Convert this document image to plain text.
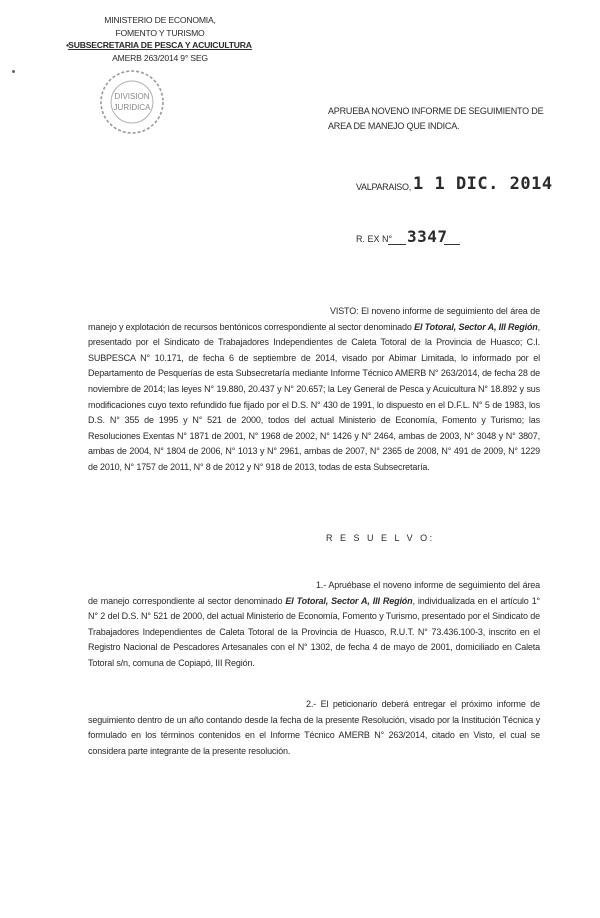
MINISTERIO DE ECONOMIA,
FOMENTO Y TURISMO
• SUBSECRETARIA DE PESCA Y ACUICULTURA
AMERB 263/2014 9° SEG
DIVISION
JURIDICA	APRUEBA NOVENO INFORME DE SEGUIMIENTO DE
AREA DE MANEJO QUE INDICA.
VALPARAISO, 1 1 DIC. 2014
R. EX N° 3347
VISTO: El noveno informe de seguimiento del área de manejo y explotación de recursos bentónicos correspondiente al sector denominado El Totoral, Sector A, III Región, presentado por el Sindicato de Trabajadores Independientes de Caleta Totoral de la Provincia de Huasco; C.I. SUBPESCA N° 10.171, de fecha 6 de septiembre de 2014, visado por Abimar Limitada, lo informado por el Departamento de Pesquerías de esta Subsecretaría mediante Informe Técnico AMERB N° 263/2014, de fecha 28 de noviembre de 2014; las leyes N° 19.880, 20.437 y N° 20.657; la Ley General de Pesca y Acuicultura N° 18.892 y sus modificaciones cuyo texto refundido fue fijado por el D.S. N° 430 de 1991, lo dispuesto en el D.F.L. N° 5 de 1983, los D.S. N° 355 de 1995 y N° 521 de 2000, todos del actual Ministerio de Economía, Fomento y Turismo; las Resoluciones Exentas N° 1871 de 2001, N° 1968 de 2002, N° 1426 y N° 2464, ambas de 2003, N° 3048 y N° 3807, ambas de 2004, N° 1804 de 2006, N° 1013 y N° 2961, ambas de 2007, N° 2365 de 2008, N° 491 de 2009, N° 1229 de 2010, N° 1757 de 2011, N° 8 de 2012 y N° 918 de 2013, todas de esta Subsecretaría.
R E S U E L V O:
1.- Apruébase el noveno informe de seguimiento del área de manejo correspondiente al sector denominado El Totoral, Sector A, III Región, individualizada en el artículo 1° N° 2 del D.S. N° 521 de 2000, del actual Ministerio de Economía, Fomento y Turismo, presentado por el Sindicato de Trabajadores Independientes de Caleta Totoral de la Provincia de Huasco, R.U.T. N° 73.436.100-3, inscrito en el Registro Nacional de Pescadores Artesanales con el N° 1302, de fecha 4 de mayo de 2001, domiciliado en Caleta Totoral s/n, comuna de Copiapó, III Región.
2.- El peticionario deberá entregar el próximo informe de seguimiento dentro de un año contando desde la fecha de la presente Resolución, visado por la Institución Técnica y formulado en los términos contenidos en el Informe Técnico AMERB N° 263/2014, citado en Visto, el cual se considera parte integrante de la presente resolución.
